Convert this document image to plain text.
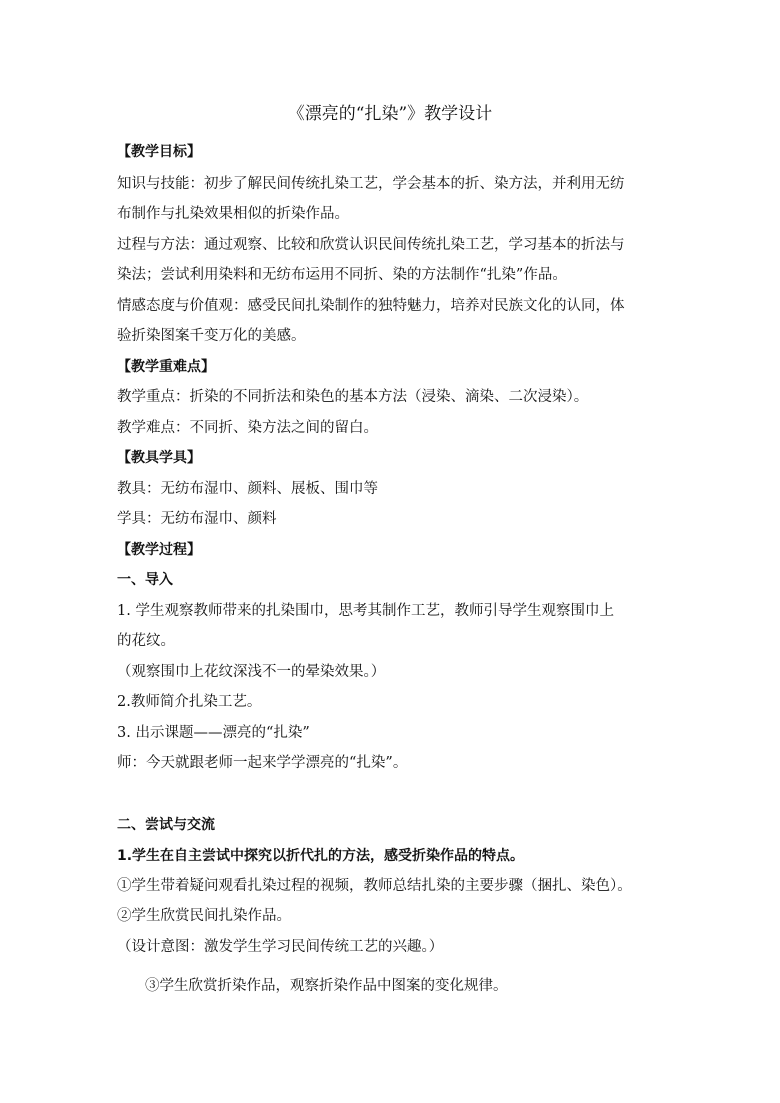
《漂亮的“扎染”》教学设计
【教学目标】
知识与技能：初步了解民间传统扎染工艺，学会基本的折、染方法，并利用无纺
布制作与扎染效果相似的折染作品。
过程与方法：通过观察、比较和欣赏认识民间传统扎染工艺，学习基本的折法与
染法；尝试利用染料和无纺布运用不同折、染的方法制作“扎染”作品。
情感态度与价值观：感受民间扎染制作的独特魅力，培养对民族文化的认同，体
验折染图案千变万化的美感。
【教学重难点】
教学重点：折染的不同折法和染色的基本方法（浸染、滴染、二次浸染）。
教学难点：不同折、染方法之间的留白。
【教具学具】
教具：无纺布湿巾、颜料、展板、围巾等
学具：无纺布湿巾、颜料
【教学过程】
一、导入
1. 学生观察教师带来的扎染围巾，思考其制作工艺，教师引导学生观察围巾上
的花纹。
（观察围巾上花纹深浅不一的晕染效果。）
2.教师简介扎染工艺。
3. 出示课题——漂亮的“扎染”
师：今天就跟老师一起来学学漂亮的“扎染”。
二、尝试与交流
1.学生在自主尝试中探究以折代扎的方法，感受折染作品的特点。
①学生带着疑问观看扎染过程的视频，教师总结扎染的主要步骤（捆扎、染色）。
②学生欣赏民间扎染作品。
（设计意图：激发学生学习民间传统工艺的兴趣。）
③学生欣赏折染作品，观察折染作品中图案的变化规律。
